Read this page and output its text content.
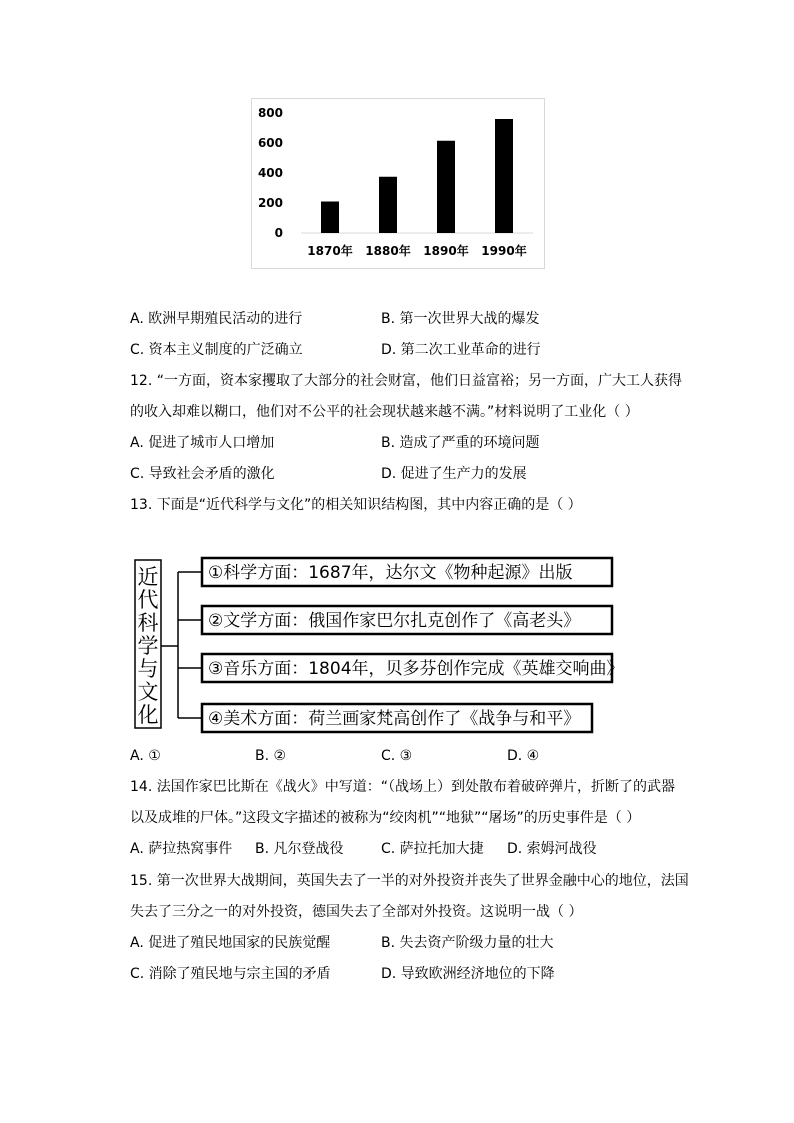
800
600
400
200
0
1870年 1880年 1890年 1990年
A. 欧洲早期殖民活动的进行	B. 第一次世界大战的爆发
C. 资本主义制度的广泛确立	D. 第二次工业革命的进行
12. “一方面，资本家攫取了大部分的社会财富，他们日益富裕；另一方面，广大工人获得
的收入却难以糊口，他们对不公平的社会现状越来越不满。”材料说明了工业化（ ）
A. 促进了城市人口增加	B. 造成了严重的环境问题
C. 导致社会矛盾的激化	D. 促进了生产力的发展
13. 下面是“近代科学与文化”的相关知识结构图，其中内容正确的是（ ）
近
代
科
学
与
文
化
①科学方面：1687年，达尔文《物种起源》出版
②文学方面：俄国作家巴尔扎克创作了《高老头》
③音乐方面：1804年，贝多芬创作完成《英雄交响曲》
④美术方面：荷兰画家梵高创作了《战争与和平》
A. ①	B. ②	C. ③	D. ④
14. 法国作家巴比斯在《战火》中写道：“（战场上）到处散布着破碎弹片，折断了的武器
以及成堆的尸体。”这段文字描述的被称为“绞肉机”“地狱”“屠场”的历史事件是（ ）
A. 萨拉热窝事件 B. 凡尔登战役	C. 萨拉托加大捷 D. 索姆河战役
15. 第一次世界大战期间，英国失去了一半的对外投资并丧失了世界金融中心的地位，法国
失去了三分之一的对外投资，德国失去了全部对外投资。这说明一战（ ）
A. 促进了殖民地国家的民族觉醒	B. 失去资产阶级力量的壮大
C. 消除了殖民地与宗主国的矛盾	D. 导致欧洲经济地位的下降
